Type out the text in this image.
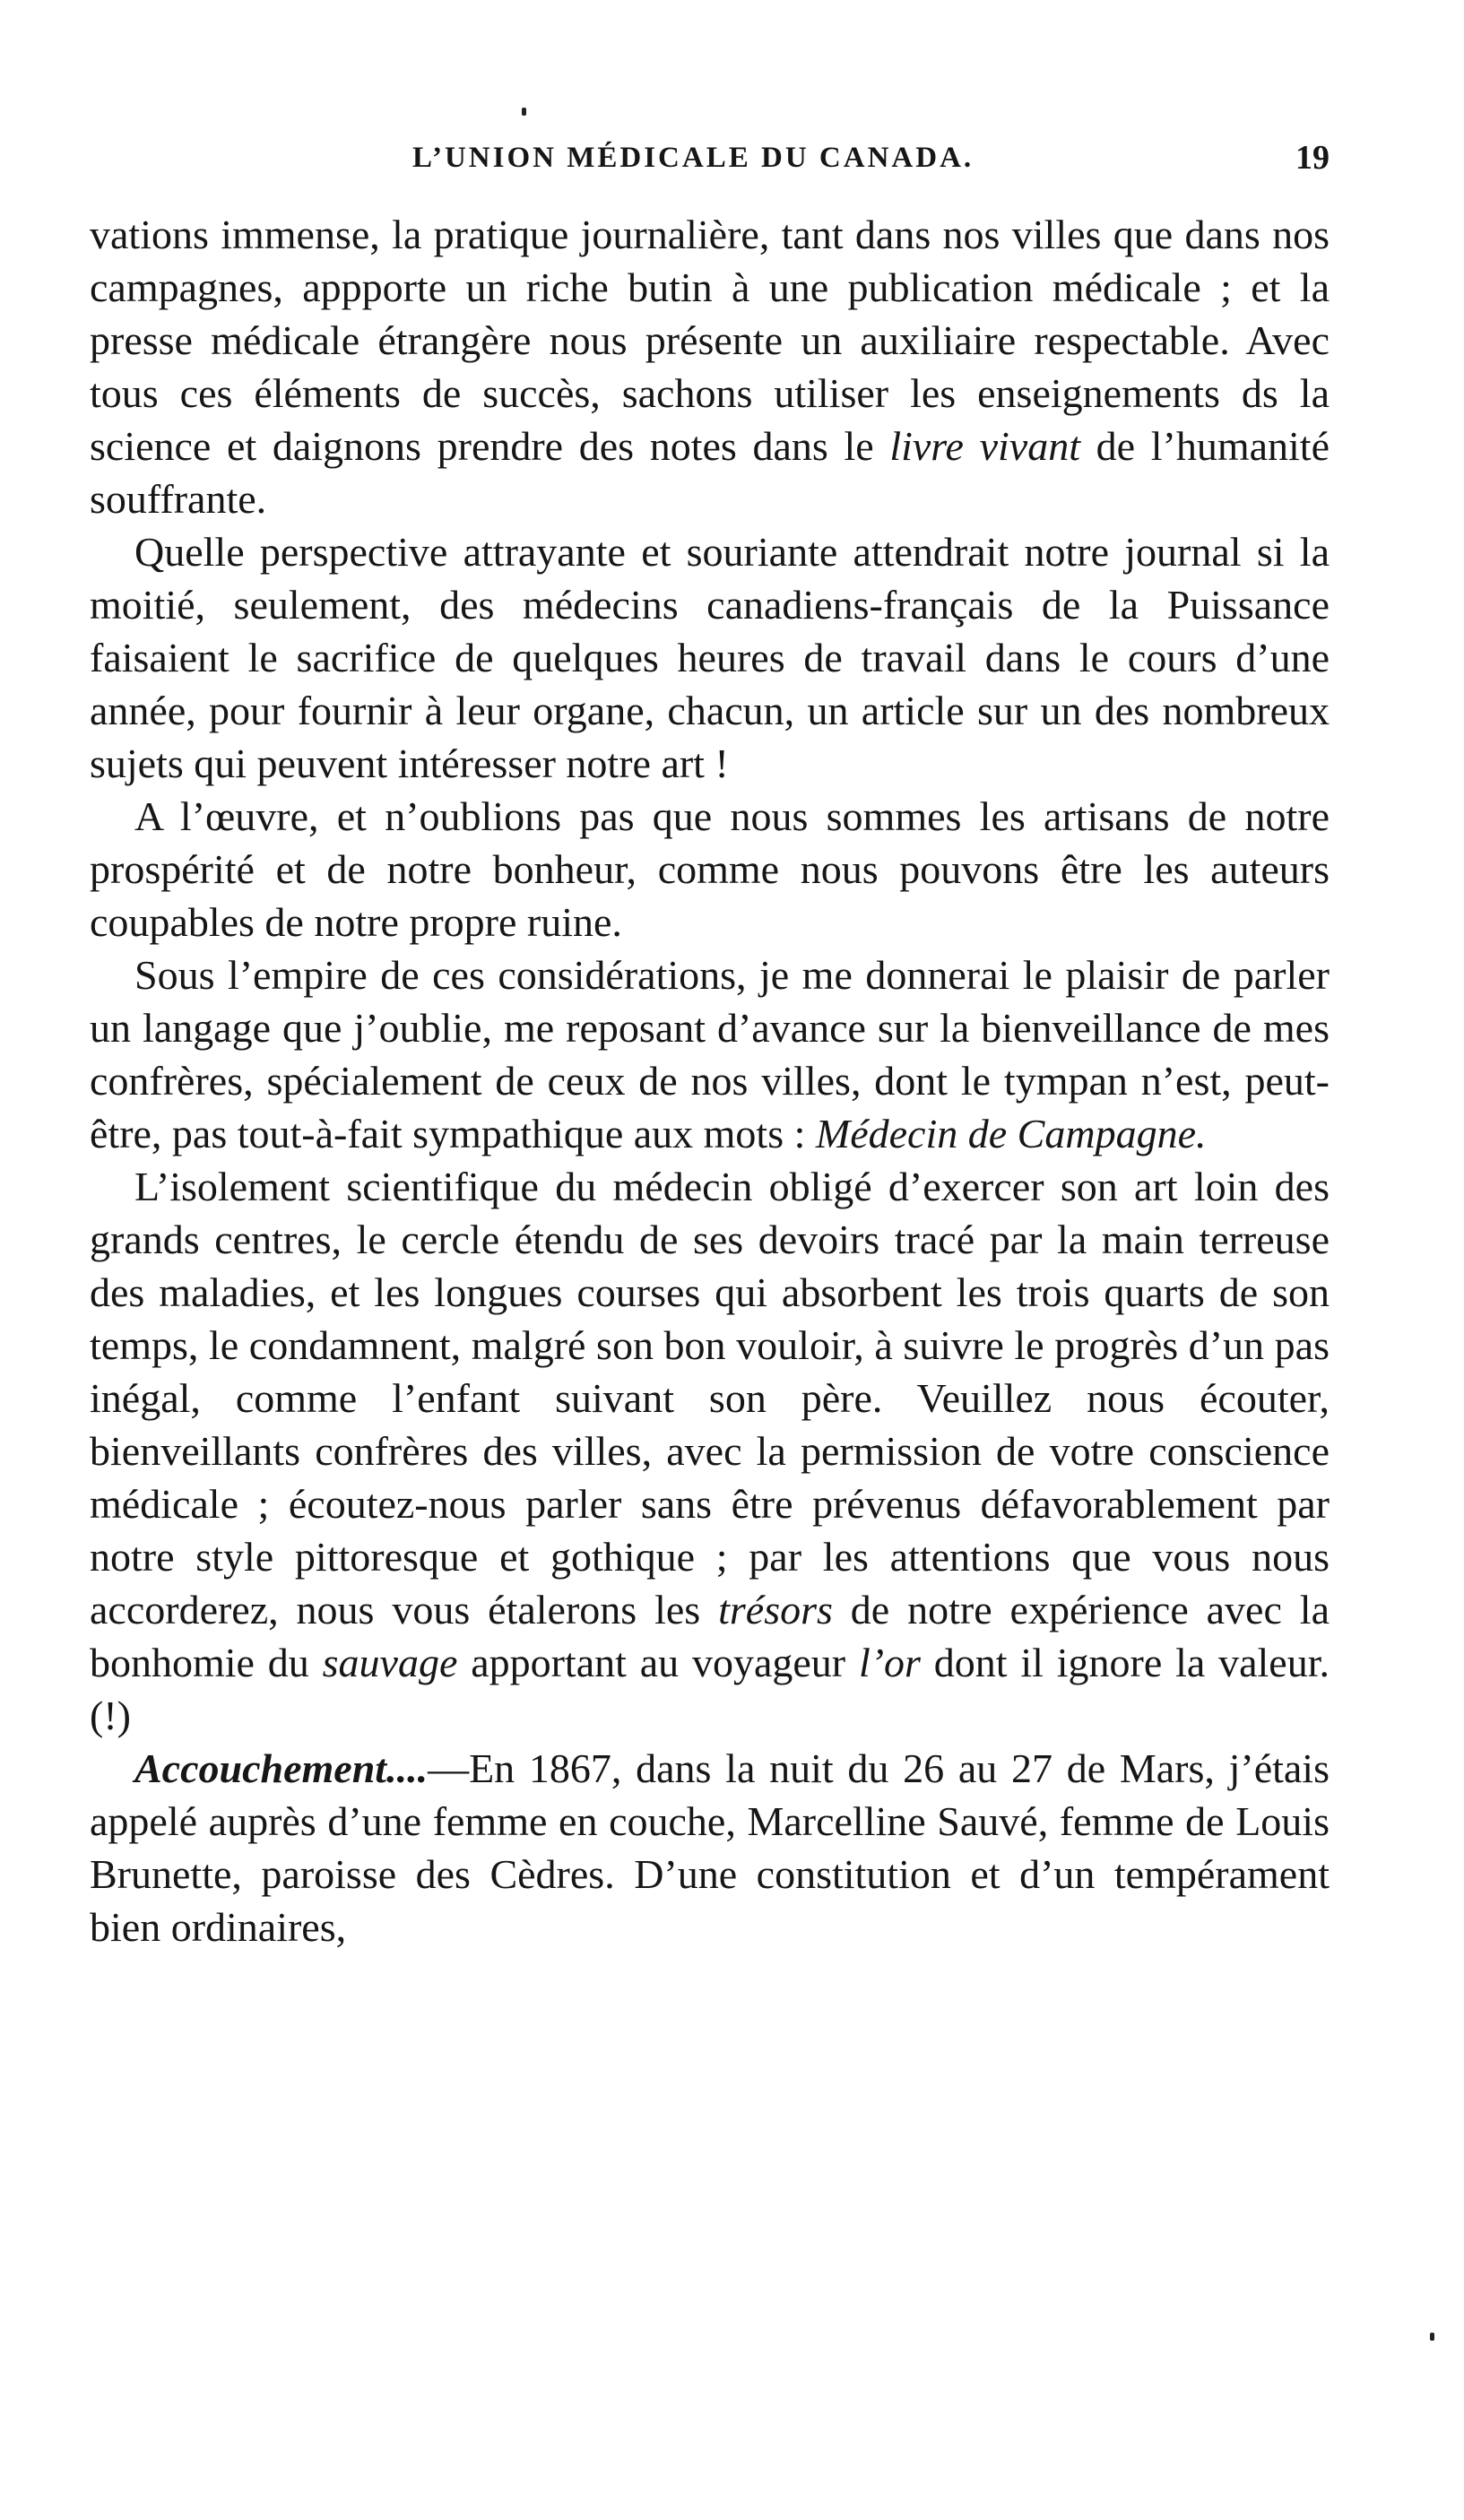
L’UNION MÉDICALE DU CANADA.	19

vations immense, la pratique journalière, tant dans nos villes que dans nos campagnes, appporte un riche butin à une publication médicale ; et la presse médicale étrangère nous présente un auxiliaire respectable. Avec tous ces éléments de succès, sachons utiliser les enseignements ds la science et daignons prendre des notes dans le livre vivant de l’humanité souffrante.

Quelle perspective attrayante et souriante attendrait notre journal si la moitié, seulement, des médecins canadiens-français de la Puissance faisaient le sacrifice de quelques heures de travail dans le cours d’une année, pour fournir à leur organe, chacun, un article sur un des nombreux sujets qui peuvent intéresser notre art !

A l’œuvre, et n’oublions pas que nous sommes les artisans de notre prospérité et de notre bonheur, comme nous pouvons être les auteurs coupables de notre propre ruine.

Sous l’empire de ces considérations, je me donnerai le plaisir de parler un langage que j’oublie, me reposant d’avance sur la bienveillance de mes confrères, spécialement de ceux de nos villes, dont le tympan n’est, peut-être, pas tout-à-fait sympathique aux mots : Médecin de Campagne.

L’isolement scientifique du médecin obligé d’exercer son art loin des grands centres, le cercle étendu de ses devoirs tracé par la main terreuse des maladies, et les longues courses qui absorbent les trois quarts de son temps, le condamnent, malgré son bon vouloir, à suivre le progrès d’un pas inégal, comme l’enfant suivant son père. Veuillez nous écouter, bienveillants confrères des villes, avec la permission de votre conscience médicale ; écoutez-nous parler sans être prévenus défavorablement par notre style pittoresque et gothique ; par les attentions que vous nous accorderez, nous vous étalerons les trésors de notre expérience avec la bonhomie du sauvage apportant au voyageur l’or dont il ignore la valeur. (!)

Accouchement....—En 1867, dans la nuit du 26 au 27 de Mars, j’étais appelé auprès d’une femme en couche, Marcelline Sauvé, femme de Louis Brunette, paroisse des Cèdres. D’une constitution et d’un tempérament bien ordinaires,
